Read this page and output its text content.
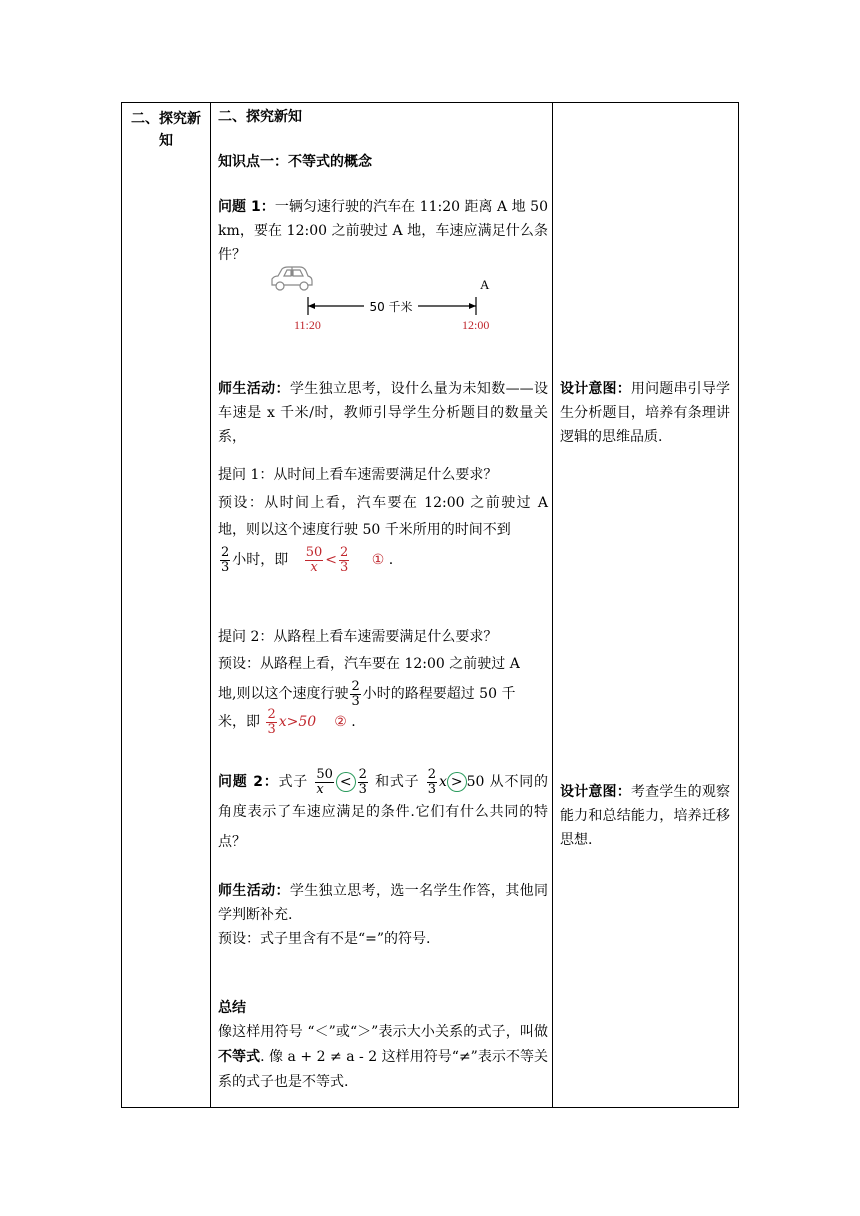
二、探究新知
二、探究新知
知识点一：不等式的概念
问题 1：一辆匀速行驶的汽车在 11:20 距离 A 地 50 km，要在 12:00 之前驶过 A 地，车速应满足什么条件？
A
50 千米
11:20	12:00
师生活动：学生独立思考，设什么量为未知数——设车速是 x 千米/时，教师引导学生分析题目的数量关系，
提问 1：从时间上看车速需要满足什么要求？
预设：从时间上看，汽车要在 12:00 之前驶过 A 地，则以这个速度行驶 50 千米所用的时间不到
$\frac{2}{3}$ 小时，即 $\frac{50}{x} < \frac{2}{3}$ ① .
提问 2：从路程上看车速需要满足什么要求？
预设：从路程上看，汽车要在 12:00 之前驶过 A
地,则以这个速度行驶 $\frac{2}{3}$ 小时的路程要超过 50 千
米，即 $\frac{2}{3} x>50$ ② .
问题 2：式子 $\frac{50}{x} < \frac{2}{3}$ 和式子 $\frac{2}{3}$ x > 50 从不同的角度表示了车速应满足的条件.它们有什么共同的特点？
师生活动：学生独立思考，选一名学生作答，其他同学判断补充.
预设：式子里含有不是“=”的符号.
总结
像这样用符号 “＜”或“＞”表示大小关系的式子，叫做不等式. 像 a + 2 ≠ a - 2 这样用符号“≠”表示不等关系的式子也是不等式.
设计意图：用问题串引导学生分析题目，培养有条理讲逻辑的思维品质.
设计意图：考查学生的观察能力和总结能力，培养迁移思想.
